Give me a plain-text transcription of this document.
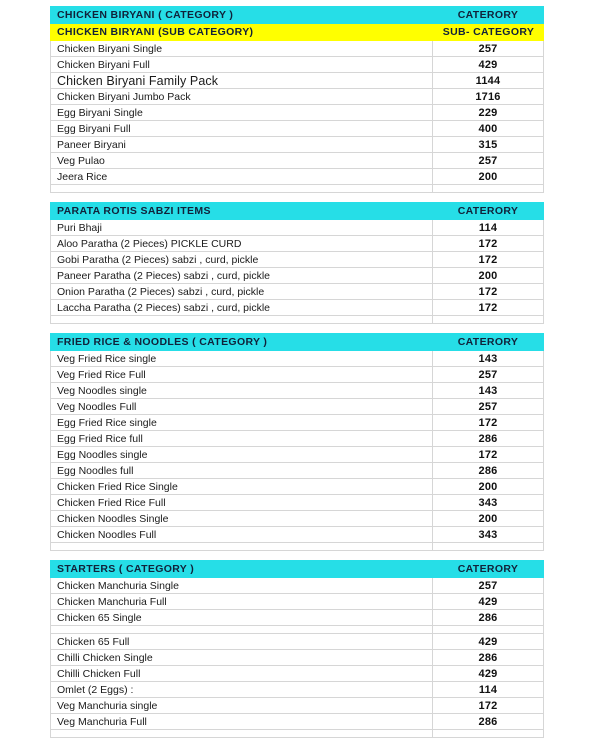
CHICKEN BIRYANI ( CATEGORY )	CATERORY
CHICKEN BIRYANI (SUB CATEGORY)	SUB- CATEGORY
Chicken Biryani Single	257
Chicken Biryani Full	429
Chicken Biryani Family Pack	1144
Chicken Biryani Jumbo Pack	1716
Egg Biryani Single	229
Egg Biryani Full	400
Paneer Biryani	315
Veg Pulao	257
Jeera Rice	200

PARATA ROTIS SABZI ITEMS	CATERORY
Puri Bhaji	114
Aloo Paratha (2 Pieces) PICKLE CURD	172
Gobi Paratha (2 Pieces) sabzi , curd, pickle	172
Paneer Paratha (2 Pieces) sabzi , curd, pickle	200
Onion Paratha (2 Pieces) sabzi , curd, pickle	172
Laccha Paratha (2 Pieces) sabzi , curd, pickle	172

FRIED RICE & NOODLES ( CATEGORY )	CATERORY
Veg Fried Rice single	143
Veg Fried Rice Full	257
Veg Noodles single	143
Veg Noodles Full	257
Egg Fried Rice single	172
Egg Fried Rice full	286
Egg Noodles single	172
Egg Noodles full	286
Chicken Fried Rice Single	200
Chicken Fried Rice Full	343
Chicken Noodles Single	200
Chicken Noodles Full	343

STARTERS ( CATEGORY )	CATERORY
Chicken Manchuria Single	257
Chicken Manchuria Full	429
Chicken 65 Single	286

Chicken 65 Full	429
Chilli Chicken Single	286
Chilli Chicken Full	429
Omlet (2 Eggs) :	114
Veg Manchuria single	172
Veg Manchuria Full	286
